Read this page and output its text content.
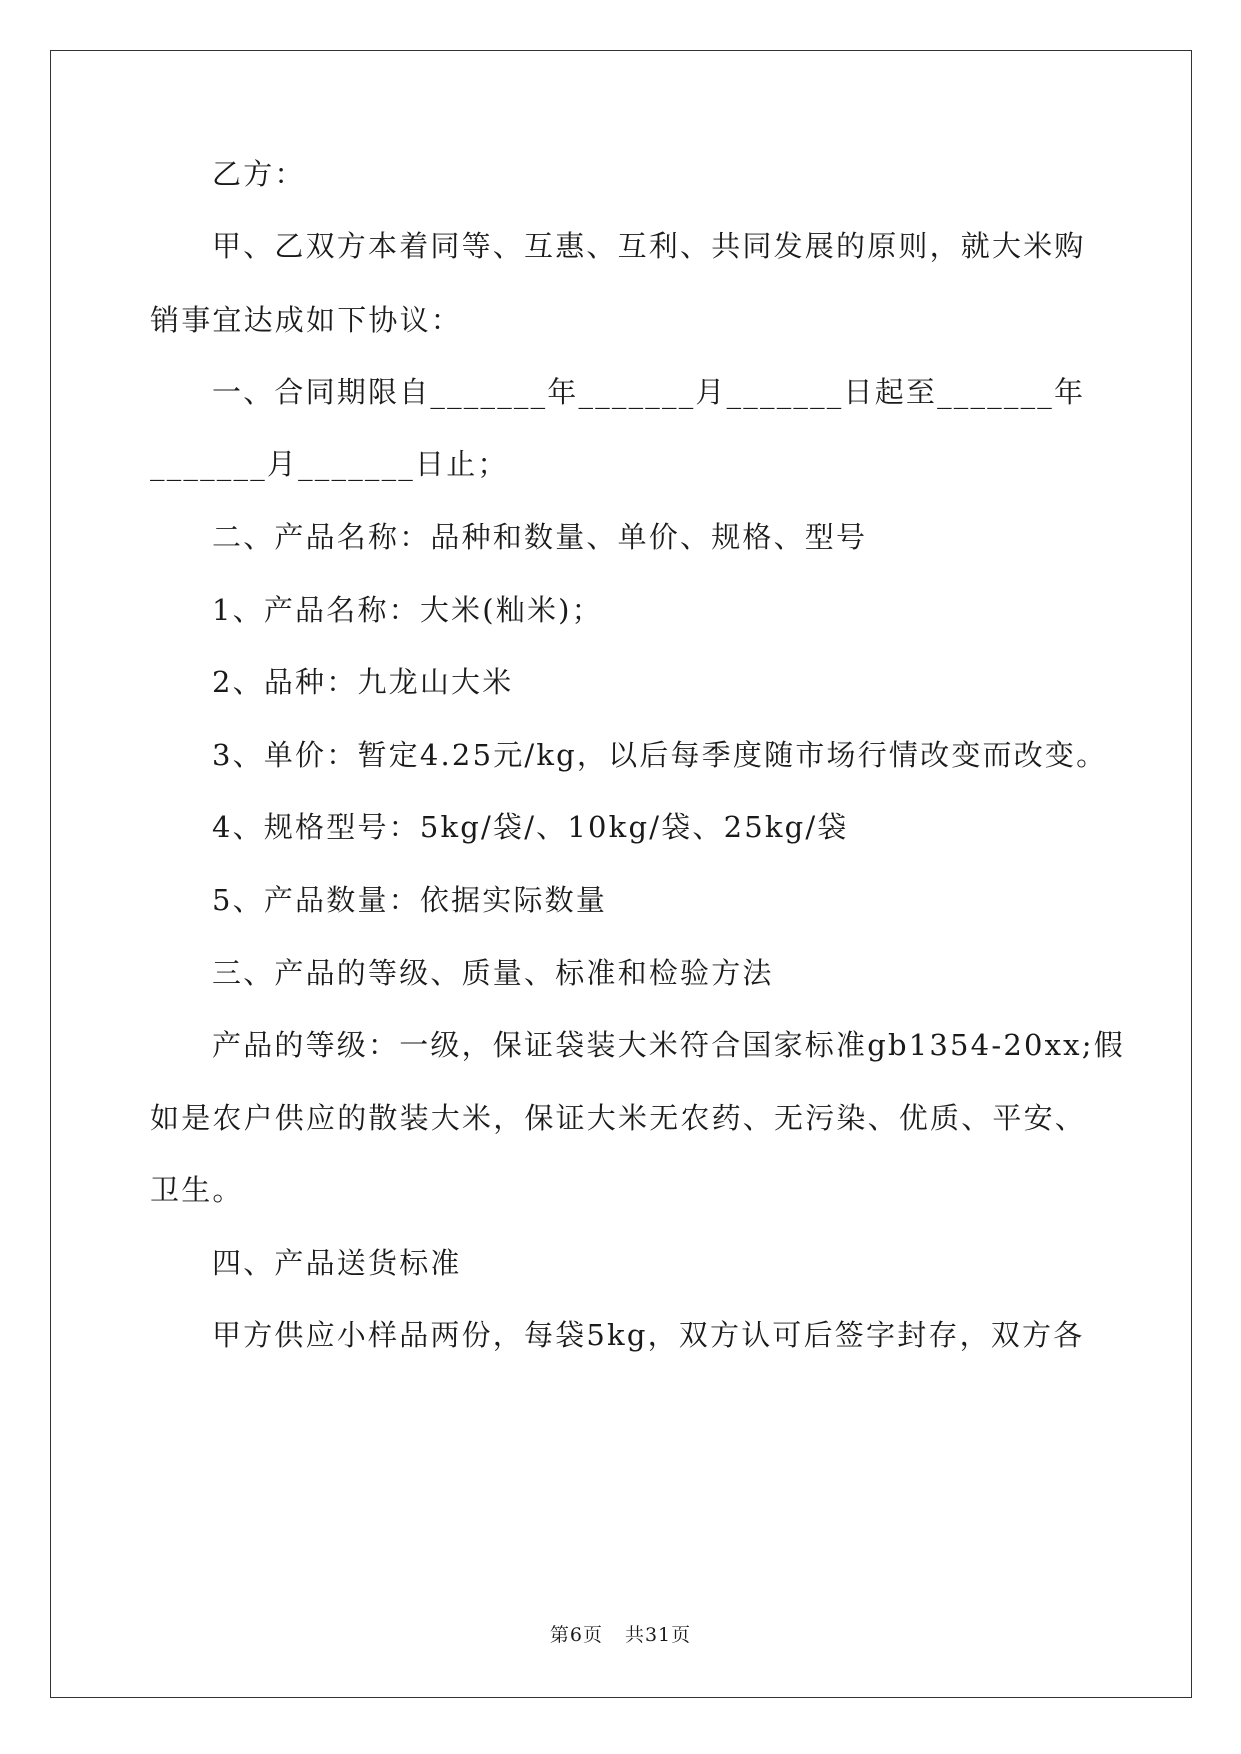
乙方：
甲、乙双方本着同等、互惠、互利、共同发展的原则，就大米购
销事宜达成如下协议：
一、合同期限自_______年_______月_______日起至_______年
_______月_______日止；
二、产品名称：品种和数量、单价、规格、型号
1、产品名称：大米(籼米)；
2、品种：九龙山大米
3、单价：暂定4.25元/kg，以后每季度随市场行情改变而改变。
4、规格型号：5kg/袋/、10kg/袋、25kg/袋
5、产品数量：依据实际数量
三、产品的等级、质量、标准和检验方法
产品的等级：一级，保证袋装大米符合国家标准gb1354-20xx;假
如是农户供应的散装大米，保证大米无农药、无污染、优质、平安、
卫生。
四、产品送货标准
甲方供应小样品两份，每袋5kg，双方认可后签字封存，双方各
第6页 共31页
